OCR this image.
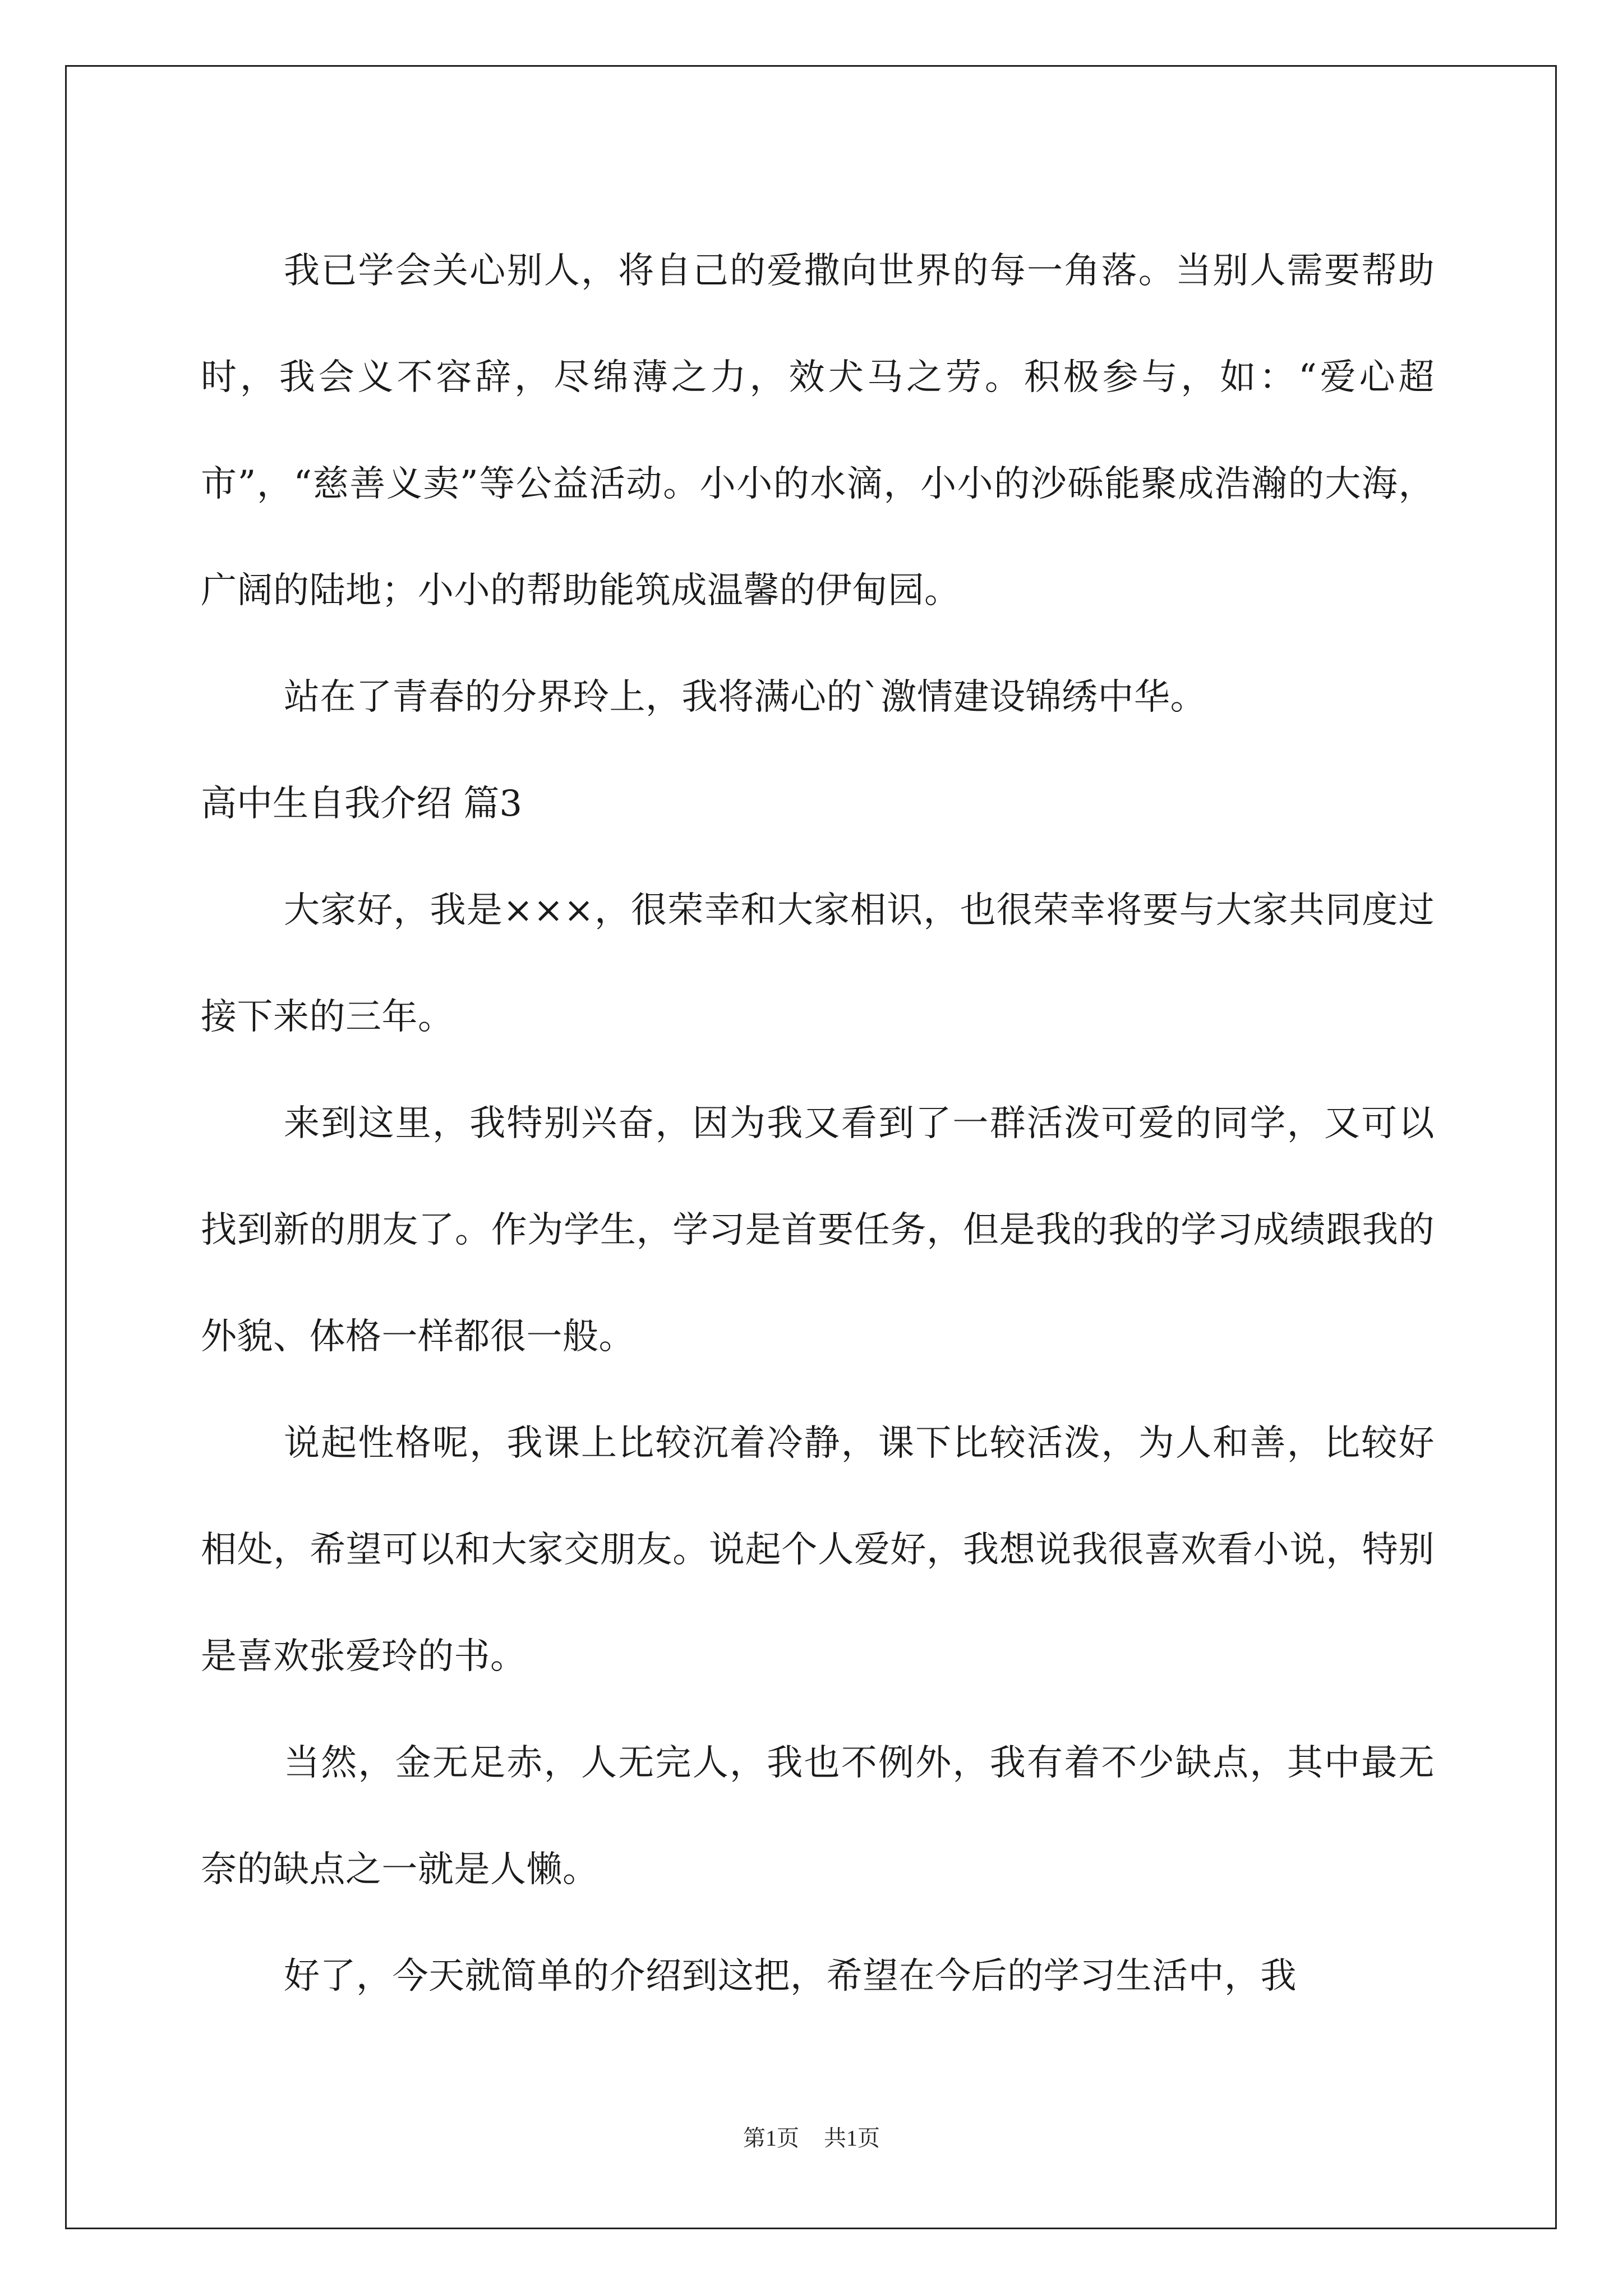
我已学会关心别人，将自己的爱撒向世界的每一角落。当别人需要帮助时，我会义不容辞，尽绵薄之力，效犬马之劳。积极参与，如：“爱心超市”，“慈善义卖”等公益活动。小小的水滴，小小的沙砾能聚成浩瀚的大海，广阔的陆地；小小的帮助能筑成温馨的伊甸园。

站在了青春的分界玲上，我将满心的`激情建设锦绣中华。

高中生自我介绍 篇3

大家好，我是×××，很荣幸和大家相识，也很荣幸将要与大家共同度过接下来的三年。

来到这里，我特别兴奋，因为我又看到了一群活泼可爱的同学，又可以找到新的朋友了。作为学生，学习是首要任务，但是我的我的学习成绩跟我的外貌、体格一样都很一般。

说起性格呢，我课上比较沉着冷静，课下比较活泼，为人和善，比较好相处，希望可以和大家交朋友。说起个人爱好，我想说我很喜欢看小说，特别是喜欢张爱玲的书。

当然，金无足赤，人无完人，我也不例外，我有着不少缺点，其中最无奈的缺点之一就是人懒。

好了，今天就简单的介绍到这把，希望在今后的学习生活中，我

第1页 共1页
